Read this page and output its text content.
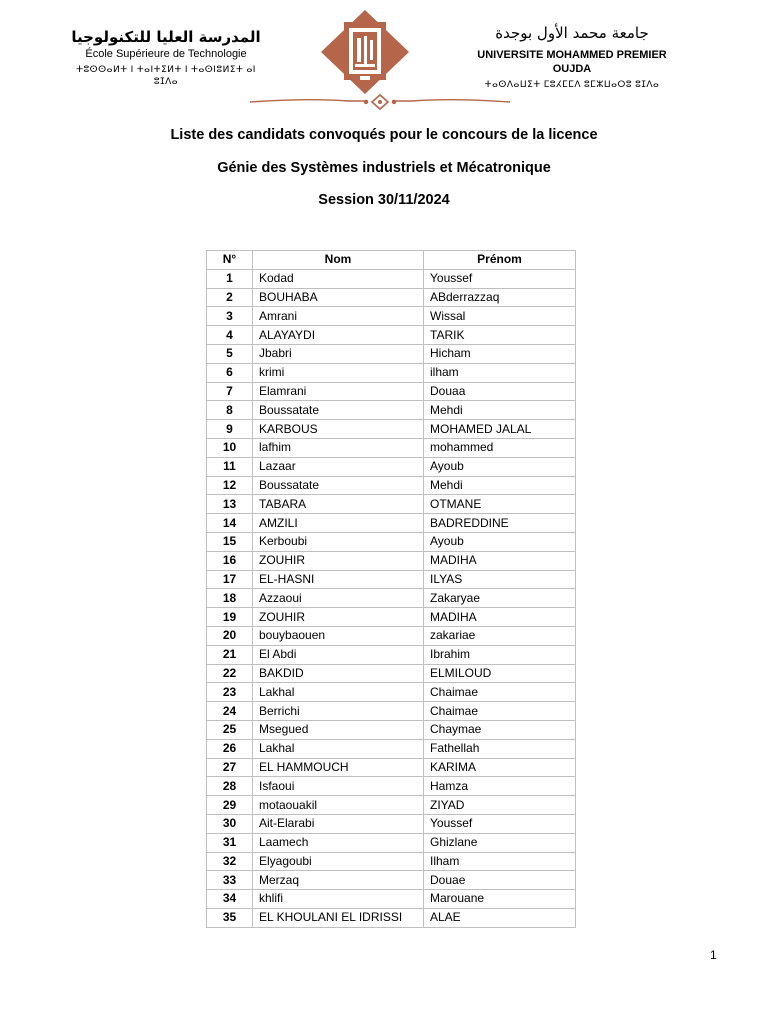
المدرسة العليا للتكنولوجيا
École Supérieure de Technologie
ⵜⵓⵙⵙⴰⵍⵜ ⵏ ⵜⴰⵏⵜⵉⵍⵜ ⵏ ⵜⴰⵙⵏⵓⵍⵉⵜ ⴰⵏ ⵓⵊⴷⴰ
جامعة محمد الأول بوجدة
UNIVERSITE MOHAMMED PREMIER OUJDA
ⵜⴰⵙⴷⴰⵡⵉⵜ ⵎⵓⵃⵎⵎⴷ ⵓⵎⵣⵡⴰⵔⵓ ⵓⵊⴷⴰ
Liste des candidats convoqués pour le concours de la licence
Génie des Systèmes industriels et Mécatronique
Session 30/11/2024
N°	Nom	Prénom
1	Kodad	Youssef
2	BOUHABA	ABderrazzaq
3	Amrani	Wissal
4	ALAYAYDI	TARIK
5	Jbabri	Hicham
6	krimi	ilham
7	Elamrani	Douaa
8	Boussatate	Mehdi
9	KARBOUS	MOHAMED JALAL
10	lafhim	mohammed
11	Lazaar	Ayoub
12	Boussatate	Mehdi
13	TABARA	OTMANE
14	AMZILI	BADREDDINE
15	Kerboubi	Ayoub
16	ZOUHIR	MADIHA
17	EL-HASNI	ILYAS
18	Azzaoui	Zakaryae
19	ZOUHIR	MADIHA
20	bouybaouen	zakariae
21	El Abdi	Ibrahim
22	BAKDID	ELMILOUD
23	Lakhal	Chaimae
24	Berrichi	Chaimae
25	Msegued	Chaymae
26	Lakhal	Fathellah
27	EL HAMMOUCH	KARIMA
28	Isfaoui	Hamza
29	motaouakil	ZIYAD
30	Ait-Elarabi	Youssef
31	Laamech	Ghizlane
32	Elyagoubi	Ilham
33	Merzaq	Douae
34	khlifi	Marouane
35	EL KHOULANI EL IDRISSI	ALAE
1
